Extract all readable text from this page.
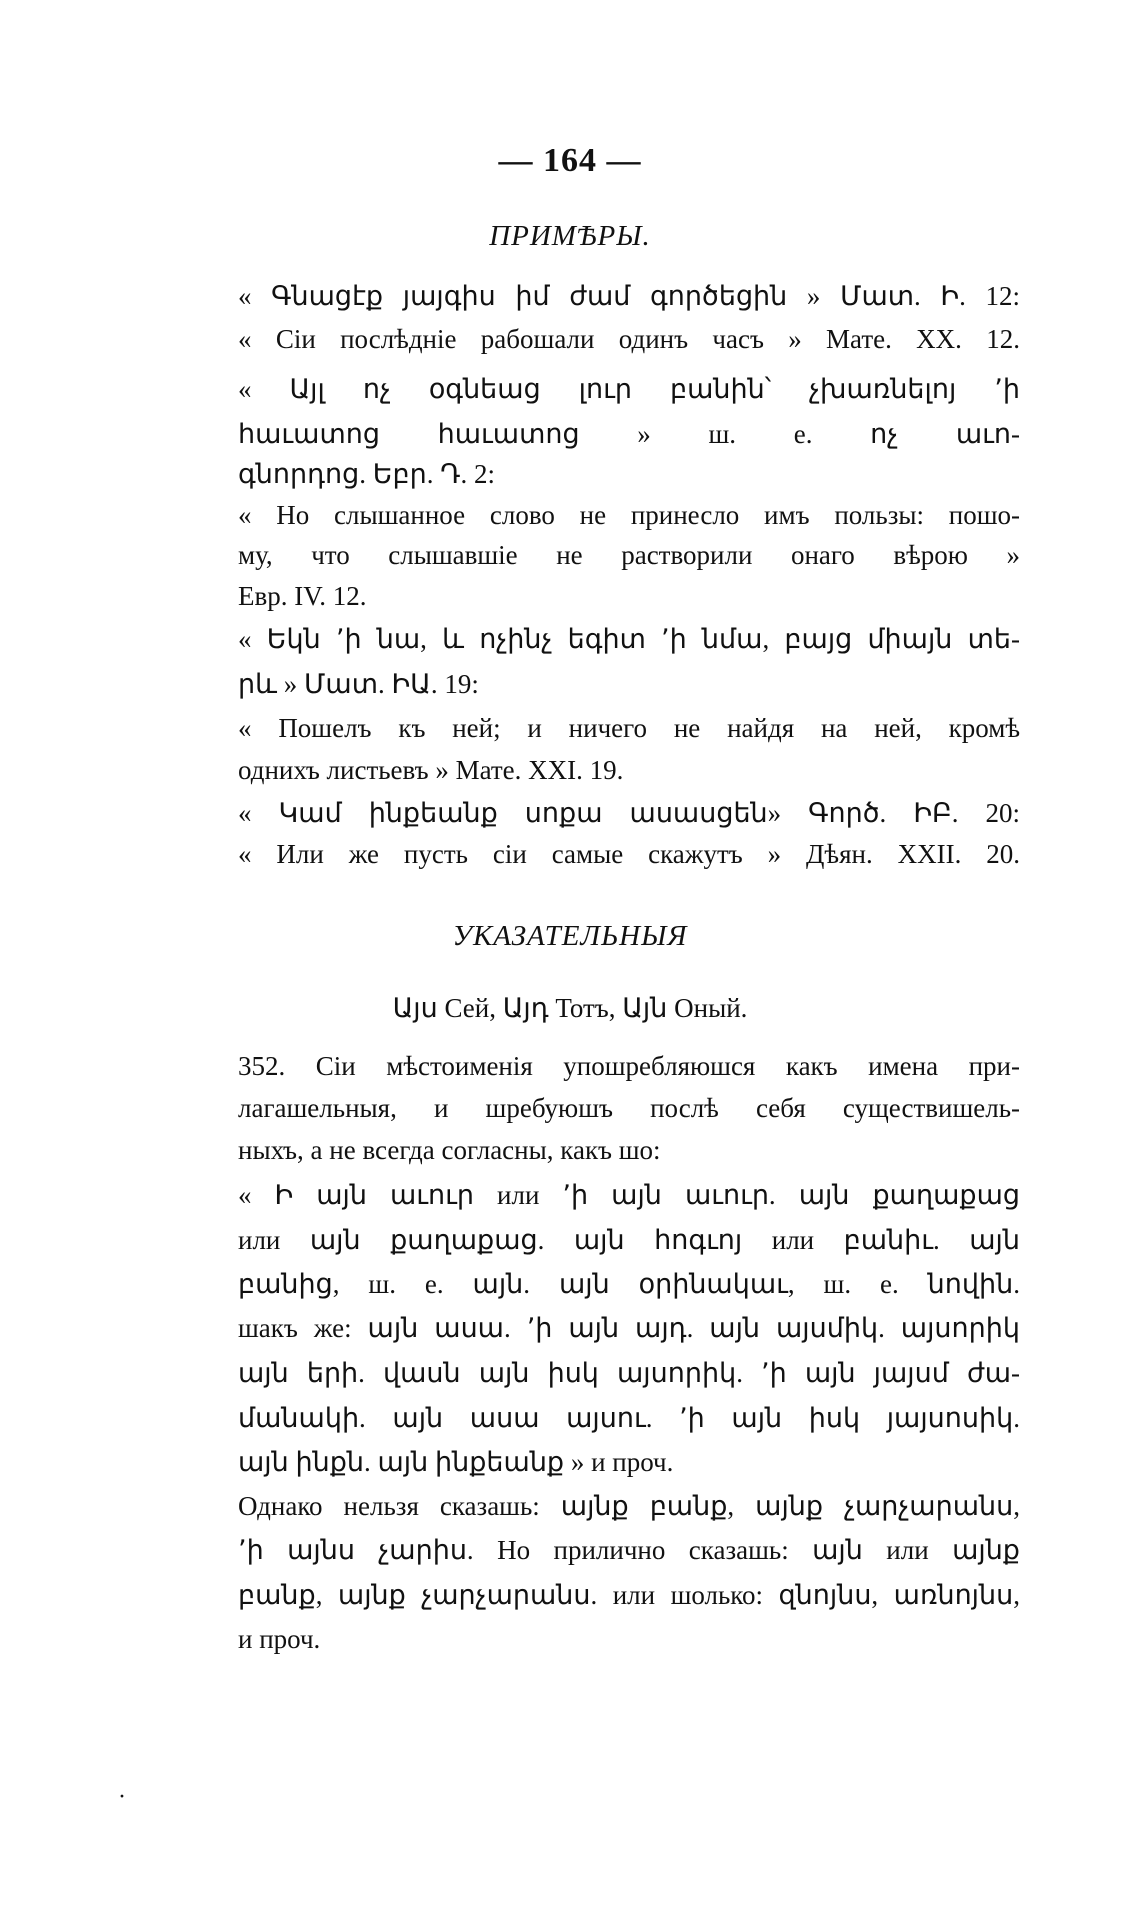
— 164 —
ПРИМѢРЫ.
« Գնացէք յայգիս իմ ժամ գործեցին » Մատ. Ի. 12:
« Сіи послѣдніе рабошали одинъ часъ » Мате. XX. 12.
« Այլ ոչ օգնեաց լուր բանին՝ չխառնելոյ ՚ի
հաւատոց հաւատոց » ш. е. ոչ աւո-
գնորդոց. Եբր. Դ. 2:
« Но слышанное слово не принесло имъ пользы: пошо-
му, что слышавшіе не растворили онаго вѣрою »
Евр. IV. 12.
« Եկն ՚ի նա, և ոչինչ եգիտ ՚ի նմա, բայց միայն տե-
րև » Մատ. ԻԱ. 19:
« Пошелъ къ ней; и ничего не найдя на ней, кромѣ
однихъ листьевъ » Мате. XXI. 19.
« Կամ ինքեանք սոքա ասասցեն» Գործ. ԻԲ. 20:
« Или же пусть сіи самые скажутъ » Дѣян. XXII. 20.
УКАЗАТЕЛЬНЫЯ
Այս Сей, Այդ Тотъ, Այն Оный.
352. Сіи мѣстоименія упошребляюшся какъ имена при-
лагашельныя, и шребуюшъ послѣ себя существишель-
ныхъ, а не всегда согласны, какъ шо:
« Ի այն աւուր или ՚ի այն աւուր. այն քաղաքաց
или այն քաղաքաց. այն հոգւոյ или բանիւ. այն
բանից, ш. е. այն. այն օրինակաւ, ш. е. նովին.
шакъ же: այն ասա. ՚ի այն այդ. այն այսմիկ. այսորիկ
այն երի. վասն այն իսկ այսորիկ. ՚ի այն յայսմ ժա-
մանակի. այն ասա այսու. ՚ի այն իսկ յայսոսիկ.
այն ինքն. այն ինքեանք » и проч.
Однако нельзя сказашь: այնք բանք, այնք չարչարանս,
՚ի այնս չարիս. Но прилично сказашь: այն или այնք
բանք, այնք չարչարանս. или шолько: զնոյնս, առնոյնս,
и проч.
·
